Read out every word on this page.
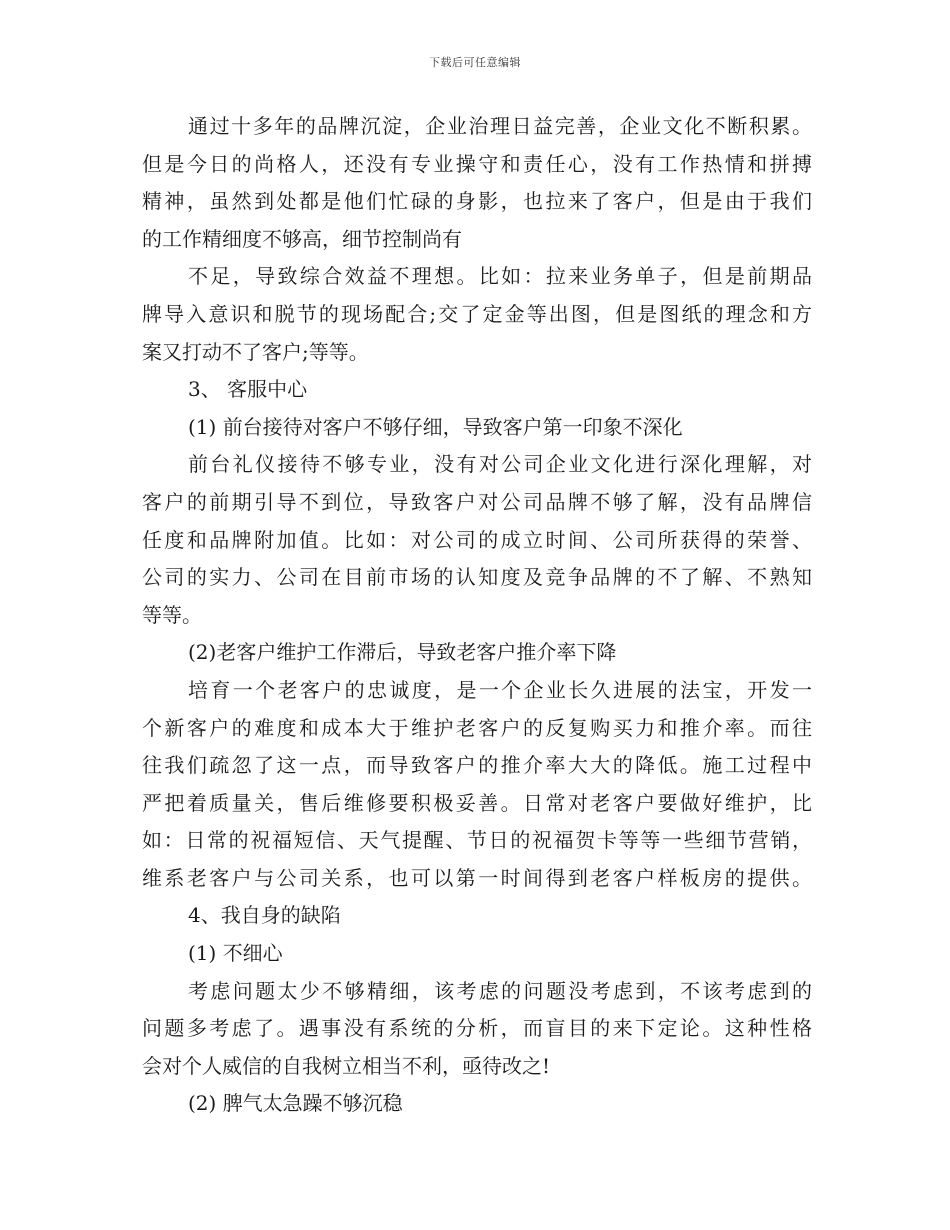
下载后可任意编辑
通过十多年的品牌沉淀，企业治理日益完善，企业文化不断积累。
但是今日的尚格人，还没有专业操守和责任心，没有工作热情和拼搏
精神，虽然到处都是他们忙碌的身影，也拉来了客户，但是由于我们
的工作精细度不够高，细节控制尚有
不足，导致综合效益不理想。比如：拉来业务单子，但是前期品
牌导入意识和脱节的现场配合;交了定金等出图，但是图纸的理念和方
案又打动不了客户;等等。
3、 客服中心
(1) 前台接待对客户不够仔细，导致客户第一印象不深化
前台礼仪接待不够专业，没有对公司企业文化进行深化理解，对
客户的前期引导不到位，导致客户对公司品牌不够了解，没有品牌信
任度和品牌附加值。比如：对公司的成立时间、公司所获得的荣誉、
公司的实力、公司在目前市场的认知度及竞争品牌的不了解、不熟知
等等。
(2)老客户维护工作滞后，导致老客户推介率下降
培育一个老客户的忠诚度，是一个企业长久进展的法宝，开发一
个新客户的难度和成本大于维护老客户的反复购买力和推介率。而往
往我们疏忽了这一点，而导致客户的推介率大大的降低。施工过程中
严把着质量关，售后维修要积极妥善。日常对老客户要做好维护，比
如：日常的祝福短信、天气提醒、节日的祝福贺卡等等一些细节营销，
维系老客户与公司关系，也可以第一时间得到老客户样板房的提供。
4、我自身的缺陷
(1) 不细心
考虑问题太少不够精细，该考虑的问题没考虑到，不该考虑到的
问题多考虑了。遇事没有系统的分析，而盲目的来下定论。这种性格
会对个人威信的自我树立相当不利，亟待改之!
(2) 脾气太急躁不够沉稳
